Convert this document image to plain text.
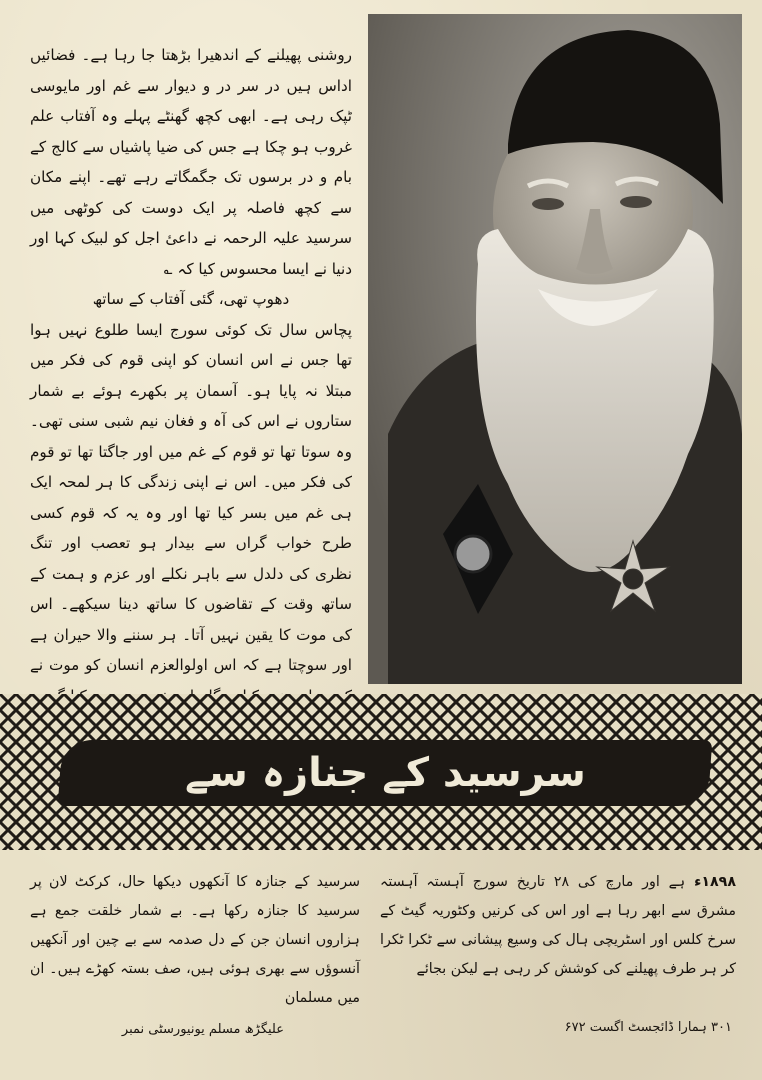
روشنی پھیلنے کے اندھیرا بڑھتا جا رہا ہے۔ فضائیں اداس ہیں در سر در و دیوار سے غم اور مایوسی ٹپک رہی ہے۔ ابھی کچھ گھنٹے پہلے وہ آفتاب علم غروب ہو چکا ہے جس کی ضیا پاشیاں سے کالج کے بام و در برسوں تک جگمگاتے رہے تھے۔ اپنے مکان سے کچھ فاصلہ پر ایک دوست کی کوٹھی میں سرسید علیہ الرحمہ نے داعیٔ اجل کو لبیک کہا اور دنیا نے ایسا محسوس کیا کہ ؎

دھوپ تھی، گئی آفتاب کے ساتھ

پچاس سال تک کوئی سورج ایسا طلوع نہیں ہوا تھا جس نے اس انسان کو اپنی قوم کی فکر میں مبتلا نہ پایا ہو۔ آسمان پر بکھرے ہوئے بے شمار ستاروں نے اس کی آہ و فغان نیم شبی سنی تھی۔ وہ سوتا تھا تو قوم کے غم میں اور جاگتا تھا تو قوم کی فکر میں۔ اس نے اپنی زندگی کا ہر لمحہ ایک ہی غم میں بسر کیا تھا اور وہ یہ کہ قوم کسی طرح خواب گراں سے بیدار ہو تعصب اور تنگ نظری کی دلدل سے باہر نکلے اور عزم و ہمت کے ساتھ وقت کے تقاضوں کا ساتھ دینا سیکھے۔ اس کی موت کا یقین نہیں آتا۔ ہر سننے والا حیران ہے اور سوچتا ہے کہ اس اولوالعزم انسان کو موت نے

سرسید کے جنازہ سے

سرسید کے جنازہ کا آنکھوں دیکھا حال، کرکٹ لان پر سرسید کا جنازہ رکھا ہے۔ بے شمار خلقت جمع ہے ہزاروں انسان جن کے دل صدمہ سے بے چین اور آنکھیں آنسوؤں سے بھری ہوئی ہیں، صف بستہ کھڑے ہیں۔ ان میں مسلمان

۱۸۹۸ء ہے اور مارچ کی ۲۸ تاریخ سورج آہستہ آہستہ مشرق سے ابھر رہا ہے اور اس کی کرنیں وکٹوریہ گیٹ کے سرخ کلس اور اسٹریچی ہال کی وسیع پیشانی سے ٹکرا ٹکرا کر ہر طرف پھیلنے کی کوشش کر رہی ہے لیکن بجائے

علیگڑھ مسلم یونیورسٹی نمبر	۳۰۱ ہمارا ڈائجسٹ اگست ۶۷۲
